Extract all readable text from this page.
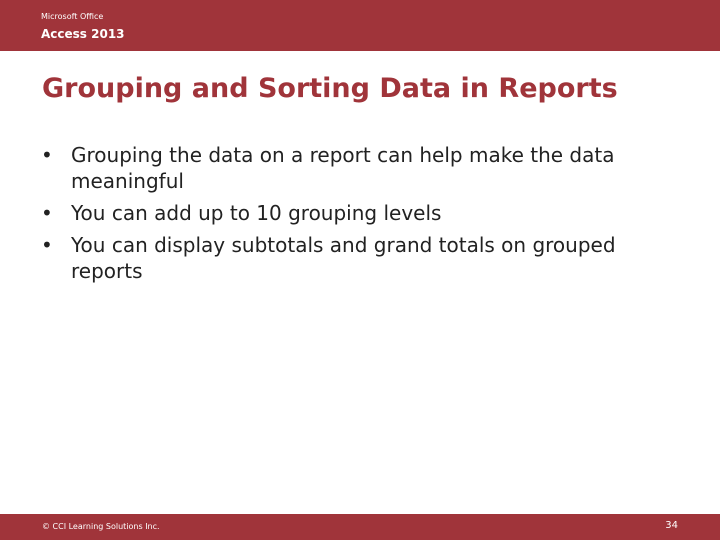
Microsoft Office
Access 2013
Grouping and Sorting Data in Reports
• Grouping the data on a report can help make the data meaningful
• You can add up to 10 grouping levels
• You can display subtotals and grand totals on grouped reports
© CCI Learning Solutions Inc.	34
